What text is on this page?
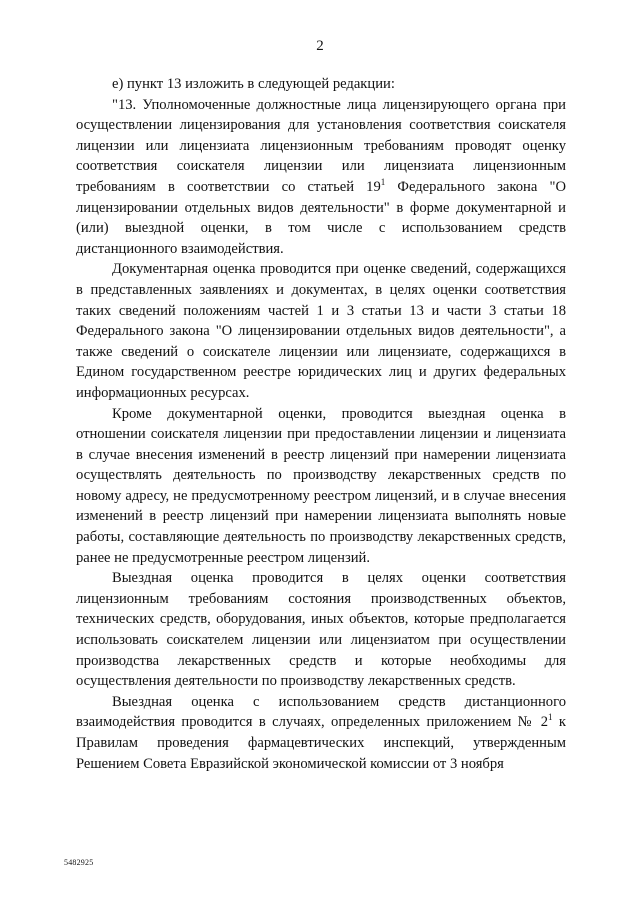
2

е) пункт 13 изложить в следующей редакции:

"13. Уполномоченные должностные лица лицензирующего органа при осуществлении лицензирования для установления соответствия соискателя лицензии или лицензиата лицензионным требованиям проводят оценку соответствия соискателя лицензии или лицензиата лицензионным требованиям в соответствии со статьей $19^1$ Федерального закона "О лицензировании отдельных видов деятельности" в форме документарной и (или) выездной оценки, в том числе с использованием средств дистанционного взаимодействия.

Документарная оценка проводится при оценке сведений, содержащихся в представленных заявлениях и документах, в целях оценки соответствия таких сведений положениям частей 1 и 3 статьи 13 и части 3 статьи 18 Федерального закона "О лицензировании отдельных видов деятельности", а также сведений о соискателе лицензии или лицензиате, содержащихся в Едином государственном реестре юридических лиц и других федеральных информационных ресурсах.

Кроме документарной оценки, проводится выездная оценка в отношении соискателя лицензии при предоставлении лицензии и лицензиата в случае внесения изменений в реестр лицензий при намерении лицензиата осуществлять деятельность по производству лекарственных средств по новому адресу, не предусмотренному реестром лицензий, и в случае внесения изменений в реестр лицензий при намерении лицензиата выполнять новые работы, составляющие деятельность по производству лекарственных средств, ранее не предусмотренные реестром лицензий.

Выездная оценка проводится в целях оценки соответствия лицензионным требованиям состояния производственных объектов, технических средств, оборудования, иных объектов, которые предполагается использовать соискателем лицензии или лицензиатом при осуществлении производства лекарственных средств и которые необходимы для осуществления деятельности по производству лекарственных средств.

Выездная оценка с использованием средств дистанционного взаимодействия проводится в случаях, определенных приложением № $2^1$ к Правилам проведения фармацевтических инспекций, утвержденным Решением Совета Евразийской экономической комиссии от 3 ноября

5482925
